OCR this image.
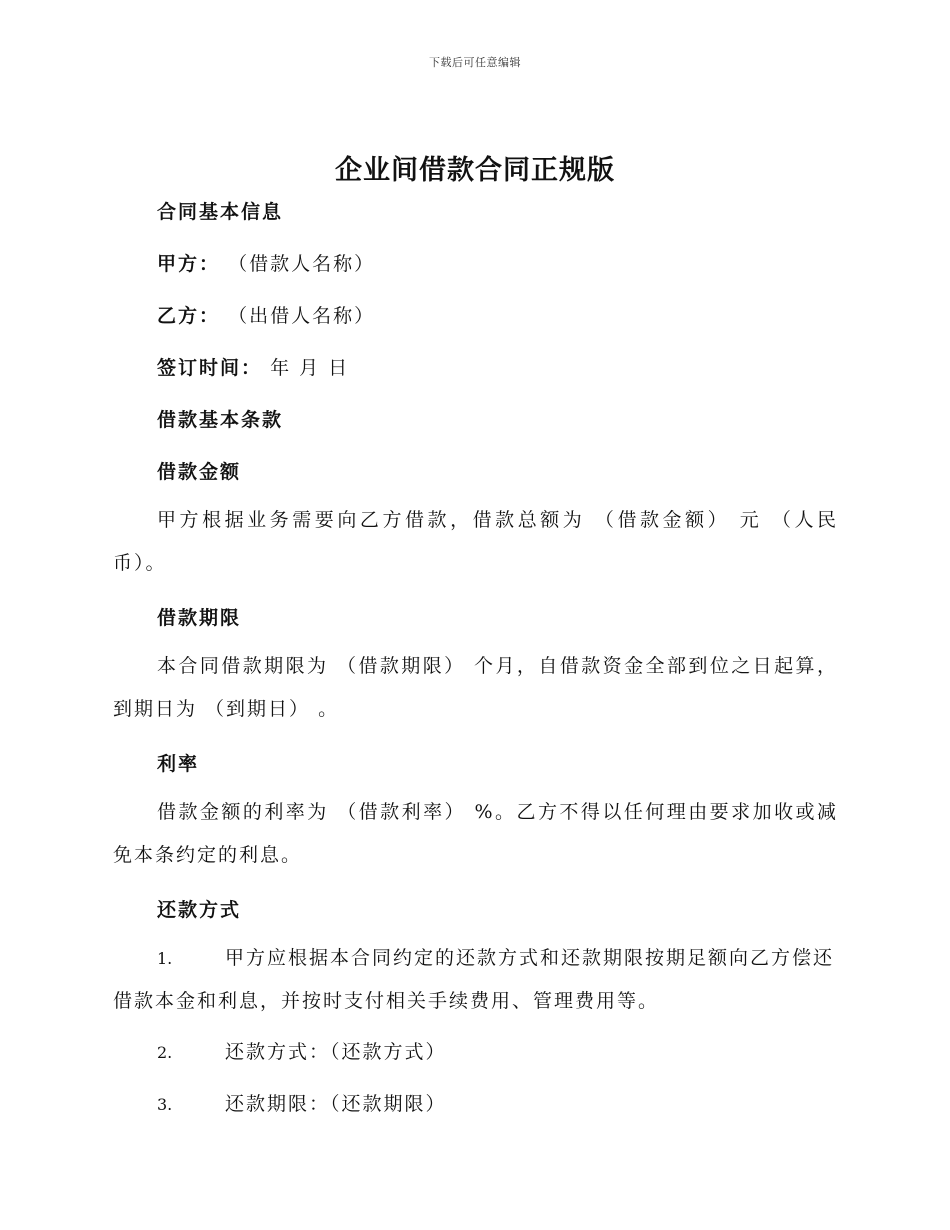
下载后可任意编辑
企业间借款合同正规版
合同基本信息
甲方： （借款人名称）
乙方： （出借人名称）
签订时间： 年 月 日
借款基本条款
借款金额
甲方根据业务需要向乙方借款，借款总额为 （借款金额） 元 （人民币）。
借款期限
本合同借款期限为 （借款期限） 个月，自借款资金全部到位之日起算，到期日为 （到期日） 。
利率
借款金额的利率为 （借款利率） %。乙方不得以任何理由要求加收或减免本条约定的利息。
还款方式
1.	甲方应根据本合同约定的还款方式和还款期限按期足额向乙方偿还借款本金和利息，并按时支付相关手续费用、管理费用等。
2.	还款方式：（还款方式）
3.	还款期限：（还款期限）
